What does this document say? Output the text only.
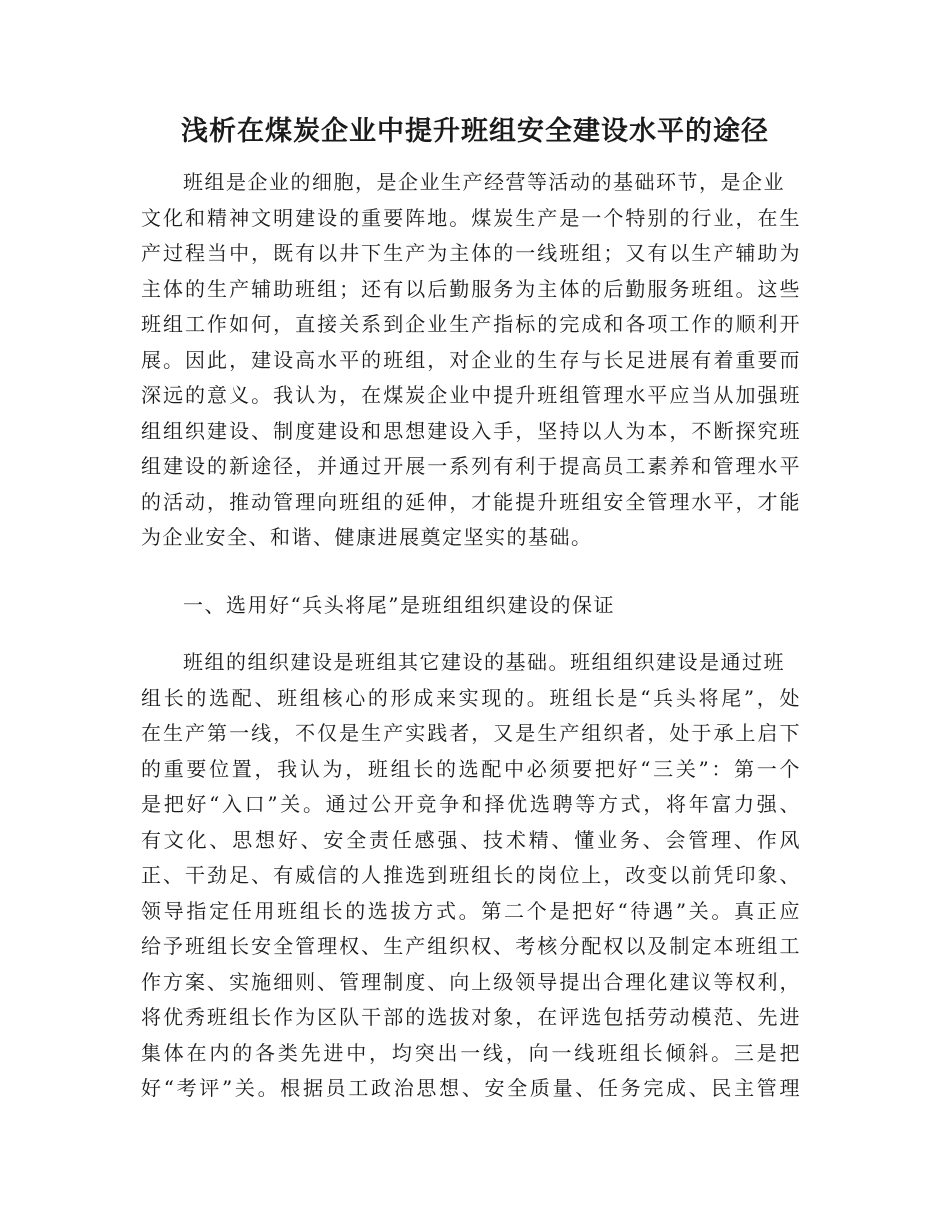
浅析在煤炭企业中提升班组安全建设水平的途径
班组是企业的细胞，是企业生产经营等活动的基础环节，是企业
文化和精神文明建设的重要阵地。煤炭生产是一个特别的行业，在生
产过程当中，既有以井下生产为主体的一线班组；又有以生产辅助为
主体的生产辅助班组；还有以后勤服务为主体的后勤服务班组。这些
班组工作如何，直接关系到企业生产指标的完成和各项工作的顺利开
展。因此，建设高水平的班组，对企业的生存与长足进展有着重要而
深远的意义。我认为，在煤炭企业中提升班组管理水平应当从加强班
组组织建设、制度建设和思想建设入手，坚持以人为本，不断探究班
组建设的新途径，并通过开展一系列有利于提高员工素养和管理水平
的活动，推动管理向班组的延伸，才能提升班组安全管理水平，才能
为企业安全、和谐、健康进展奠定坚实的基础。
一、选用好“兵头将尾”是班组组织建设的保证
班组的组织建设是班组其它建设的基础。班组组织建设是通过班
组长的选配、班组核心的形成来实现的。班组长是“兵头将尾”，处
在生产第一线，不仅是生产实践者，又是生产组织者，处于承上启下
的重要位置，我认为，班组长的选配中必须要把好“三关”：第一个
是把好“入口”关。通过公开竞争和择优选聘等方式，将年富力强、
有文化、思想好、安全责任感强、技术精、懂业务、会管理、作风
正、干劲足、有威信的人推选到班组长的岗位上，改变以前凭印象、
领导指定任用班组长的选拔方式。第二个是把好“待遇”关。真正应
给予班组长安全管理权、生产组织权、考核分配权以及制定本班组工
作方案、实施细则、管理制度、向上级领导提出合理化建议等权利，
将优秀班组长作为区队干部的选拔对象，在评选包括劳动模范、先进
集体在内的各类先进中，均突出一线，向一线班组长倾斜。三是把
好“考评”关。根据员工政治思想、安全质量、任务完成、民主管理
